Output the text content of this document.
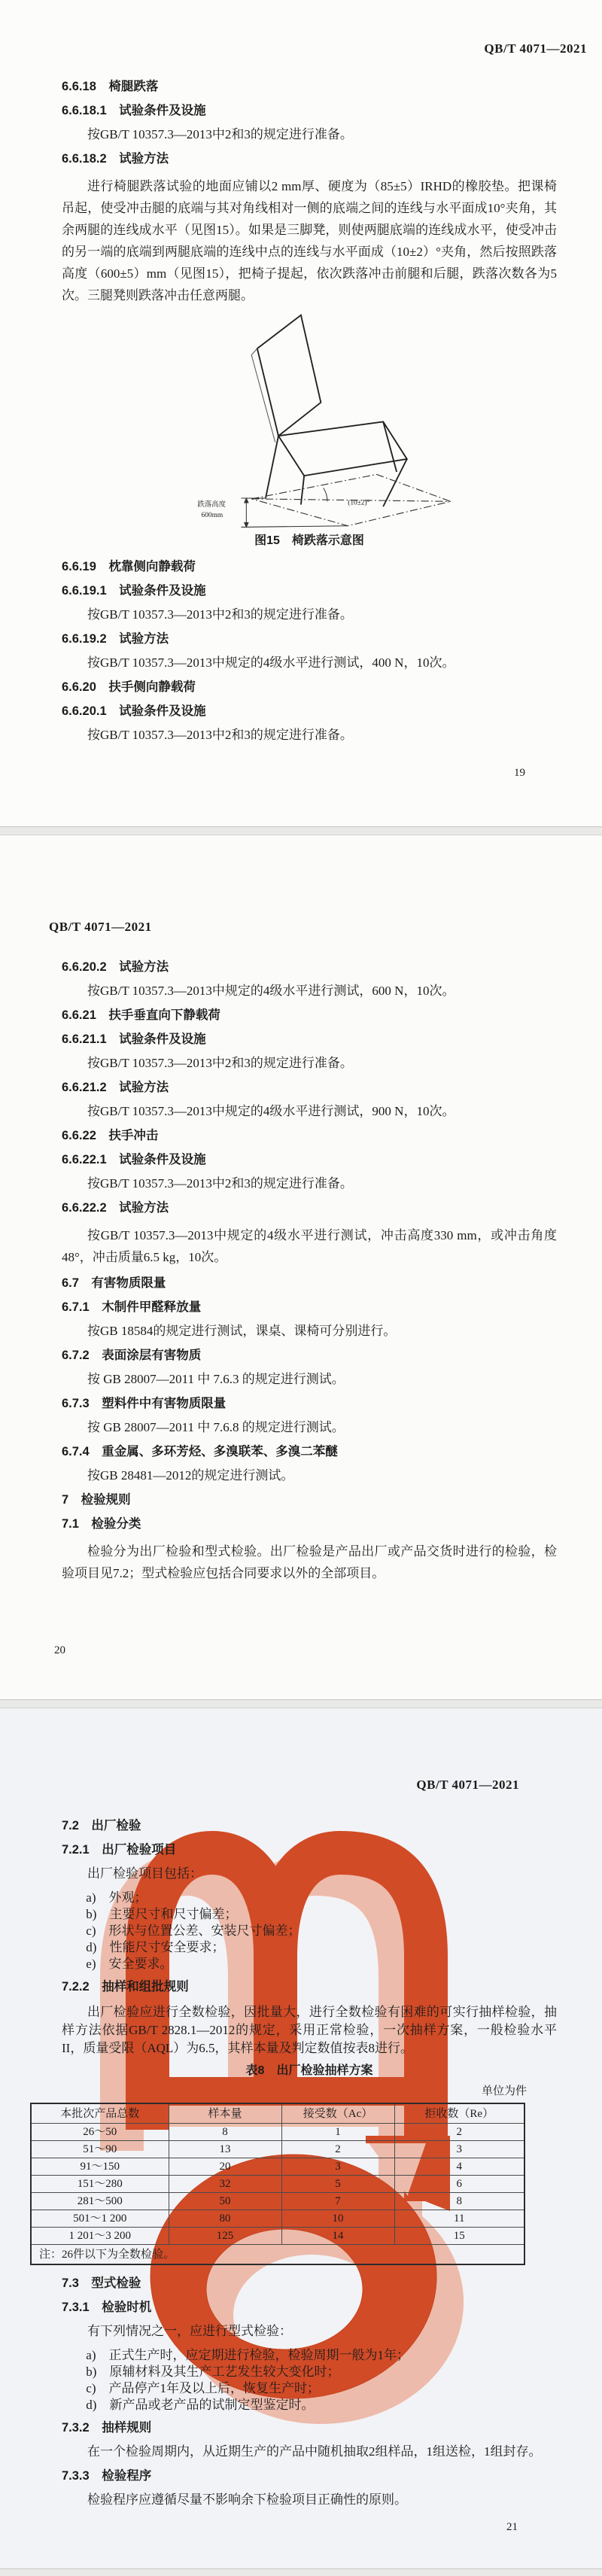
QB/T 4071—2021
6.6.18　椅腿跌落
6.6.18.1　试验条件及设施
按GB/T 10357.3—2013中2和3的规定进行准备。
6.6.18.2　试验方法
进行椅腿跌落试验的地面应铺以2 mm厚、硬度为（85±5）IRHD的橡胶垫。把课椅吊起，使受冲击腿的底端与其对角线相对一侧的底端之间的连线与水平面成10°夹角，其余两腿的连线成水平（见图15）。如果是三脚凳，则使两腿底端的连线成水平，使受冲击的另一端的底端到两腿底端的连线中点的连线与水平面成（10±2）°夹角，然后按照跌落高度（600±5）mm（见图15），把椅子提起，依次跌落冲击前腿和后腿，跌落次数各为5次。三腿凳则跌落冲击任意两腿。
(10±2)°
跌落高度
600mm
图15　椅跌落示意图
6.6.19　枕靠侧向静载荷
6.6.19.1　试验条件及设施
按GB/T 10357.3—2013中2和3的规定进行准备。
6.6.19.2　试验方法
按GB/T 10357.3—2013中规定的4级水平进行测试，400 N，10次。
6.6.20　扶手侧向静载荷
6.6.20.1　试验条件及设施
按GB/T 10357.3—2013中2和3的规定进行准备。
19
QB/T 4071—2021
6.6.20.2　试验方法
按GB/T 10357.3—2013中规定的4级水平进行测试，600 N，10次。
6.6.21　扶手垂直向下静载荷
6.6.21.1　试验条件及设施
按GB/T 10357.3—2013中2和3的规定进行准备。
6.6.21.2　试验方法
按GB/T 10357.3—2013中规定的4级水平进行测试，900 N，10次。
6.6.22　扶手冲击
6.6.22.1　试验条件及设施
按GB/T 10357.3—2013中2和3的规定进行准备。
6.6.22.2　试验方法
按GB/T 10357.3—2013中规定的4级水平进行测试，冲击高度330 mm，或冲击角度48°，冲击质量6.5 kg，10次。
6.7　有害物质限量
6.7.1　木制件甲醛释放量
按GB 18584的规定进行测试，课桌、课椅可分别进行。
6.7.2　表面涂层有害物质
按 GB 28007—2011 中 7.6.3 的规定进行测试。
6.7.3　塑料件中有害物质限量
按 GB 28007—2011 中 7.6.8 的规定进行测试。
6.7.4　重金属、多环芳烃、多溴联苯、多溴二苯醚
按GB 28481—2012的规定进行测试。
7　检验规则
7.1　检验分类
检验分为出厂检验和型式检验。出厂检验是产品出厂或产品交货时进行的检验，检验项目见7.2；型式检验应包括合同要求以外的全部项目。
20
QB/T 4071—2021
7.2　出厂检验
7.2.1　出厂检验项目
出厂检验项目包括：
a)　外观；
b)　主要尺寸和尺寸偏差；
c)　形状与位置公差、安装尺寸偏差；
d)　性能尺寸安全要求；
e)　安全要求。
7.2.2　抽样和组批规则
出厂检验应进行全数检验，因批量大，进行全数检验有困难的可实行抽样检验，抽样方法依据GB/T 2828.1—2012的规定，采用正常检验，一次抽样方案，一般检验水平II，质量受限（AQL）为6.5，其样本量及判定数值按表8进行。
表8　出厂检验抽样方案
单位为件
本批次产品总数	样本量	接受数（Ac）	拒收数（Re）
26～50	8	1	2
51～90	13	2	3
91～150	20	3	4
151～280	32	5	6
281～500	50	7	8
501～1 200	80	10	11
1 201～3 200	125	14	15
注：26件以下为全数检验。			
7.3　型式检验
7.3.1　检验时机
有下列情况之一，应进行型式检验：
a)　正式生产时，应定期进行检验，检验周期一般为1年；
b)　原辅材料及其生产工艺发生较大变化时；
c)　产品停产1年及以上后，恢复生产时；
d)　新产品或老产品的试制定型鉴定时。
7.3.2　抽样规则
在一个检验周期内，从近期生产的产品中随机抽取2组样品，1组送检，1组封存。
7.3.3　检验程序
检验程序应遵循尽量不影响余下检验项目正确性的原则。
21
